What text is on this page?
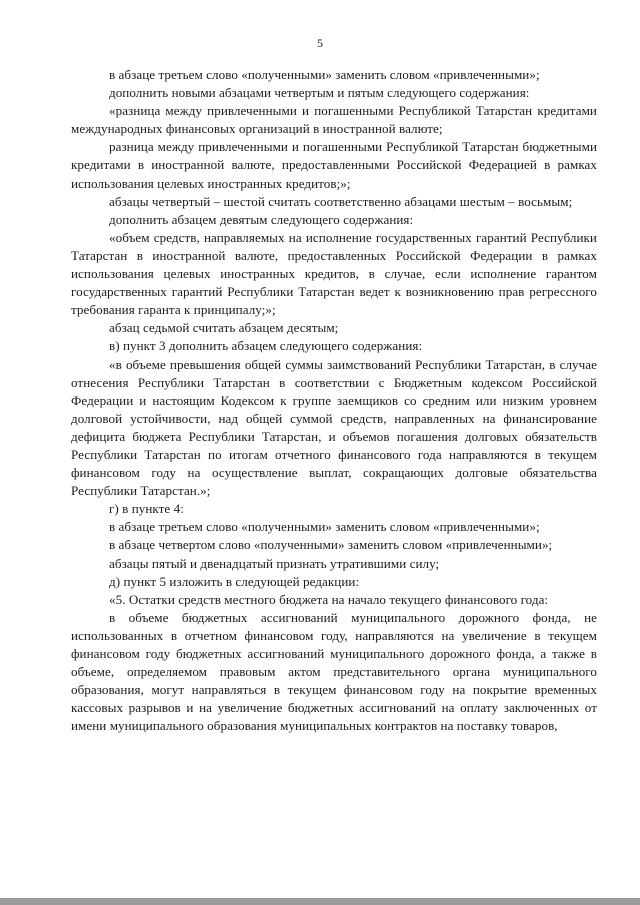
5

в абзаце третьем слово «полученными» заменить словом «привлеченными»;

дополнить новыми абзацами четвертым и пятым следующего содержания:

«разница между привлеченными и погашенными Республикой Татарстан кредитами международных финансовых организаций в иностранной валюте;

разница между привлеченными и погашенными Республикой Татарстан бюджетными кредитами в иностранной валюте, предоставленными Российской Федерацией в рамках использования целевых иностранных кредитов;»;

абзацы четвертый – шестой считать соответственно абзацами шестым – восьмым;

дополнить абзацем девятым следующего содержания:

«объем средств, направляемых на исполнение государственных гарантий Республики Татарстан в иностранной валюте, предоставленных Российской Федерации в рамках использования целевых иностранных кредитов, в случае, если исполнение гарантом государственных гарантий Республики Татарстан ведет к возникновению прав регрессного требования гаранта к принципалу;»;

абзац седьмой считать абзацем десятым;

в) пункт 3 дополнить абзацем следующего содержания:

«в объеме превышения общей суммы заимствований Республики Татарстан, в случае отнесения Республики Татарстан в соответствии с Бюджетным кодексом Российской Федерации и настоящим Кодексом к группе заемщиков со средним или низким уровнем долговой устойчивости, над общей суммой средств, направленных на финансирование дефицита бюджета Республики Татарстан, и объемов погашения долговых обязательств Республики Татарстан по итогам отчетного финансового года направляются в текущем финансовом году на осуществление выплат, сокращающих долговые обязательства Республики Татарстан.»;

г) в пункте 4:

в абзаце третьем слово «полученными» заменить словом «привлеченными»;

в абзаце четвертом слово «полученными» заменить словом «привлеченными»;

абзацы пятый и двенадцатый признать утратившими силу;

д) пункт 5 изложить в следующей редакции:

«5. Остатки средств местного бюджета на начало текущего финансового года:

в объеме бюджетных ассигнований муниципального дорожного фонда, не использованных в отчетном финансовом году, направляются на увеличение в текущем финансовом году бюджетных ассигнований муниципального дорожного фонда, а также в объеме, определяемом правовым актом представительного органа муниципального образования, могут направляться в текущем финансовом году на покрытие временных кассовых разрывов и на увеличение бюджетных ассигнований на оплату заключенных от имени муниципального образования муниципальных контрактов на поставку товаров,
